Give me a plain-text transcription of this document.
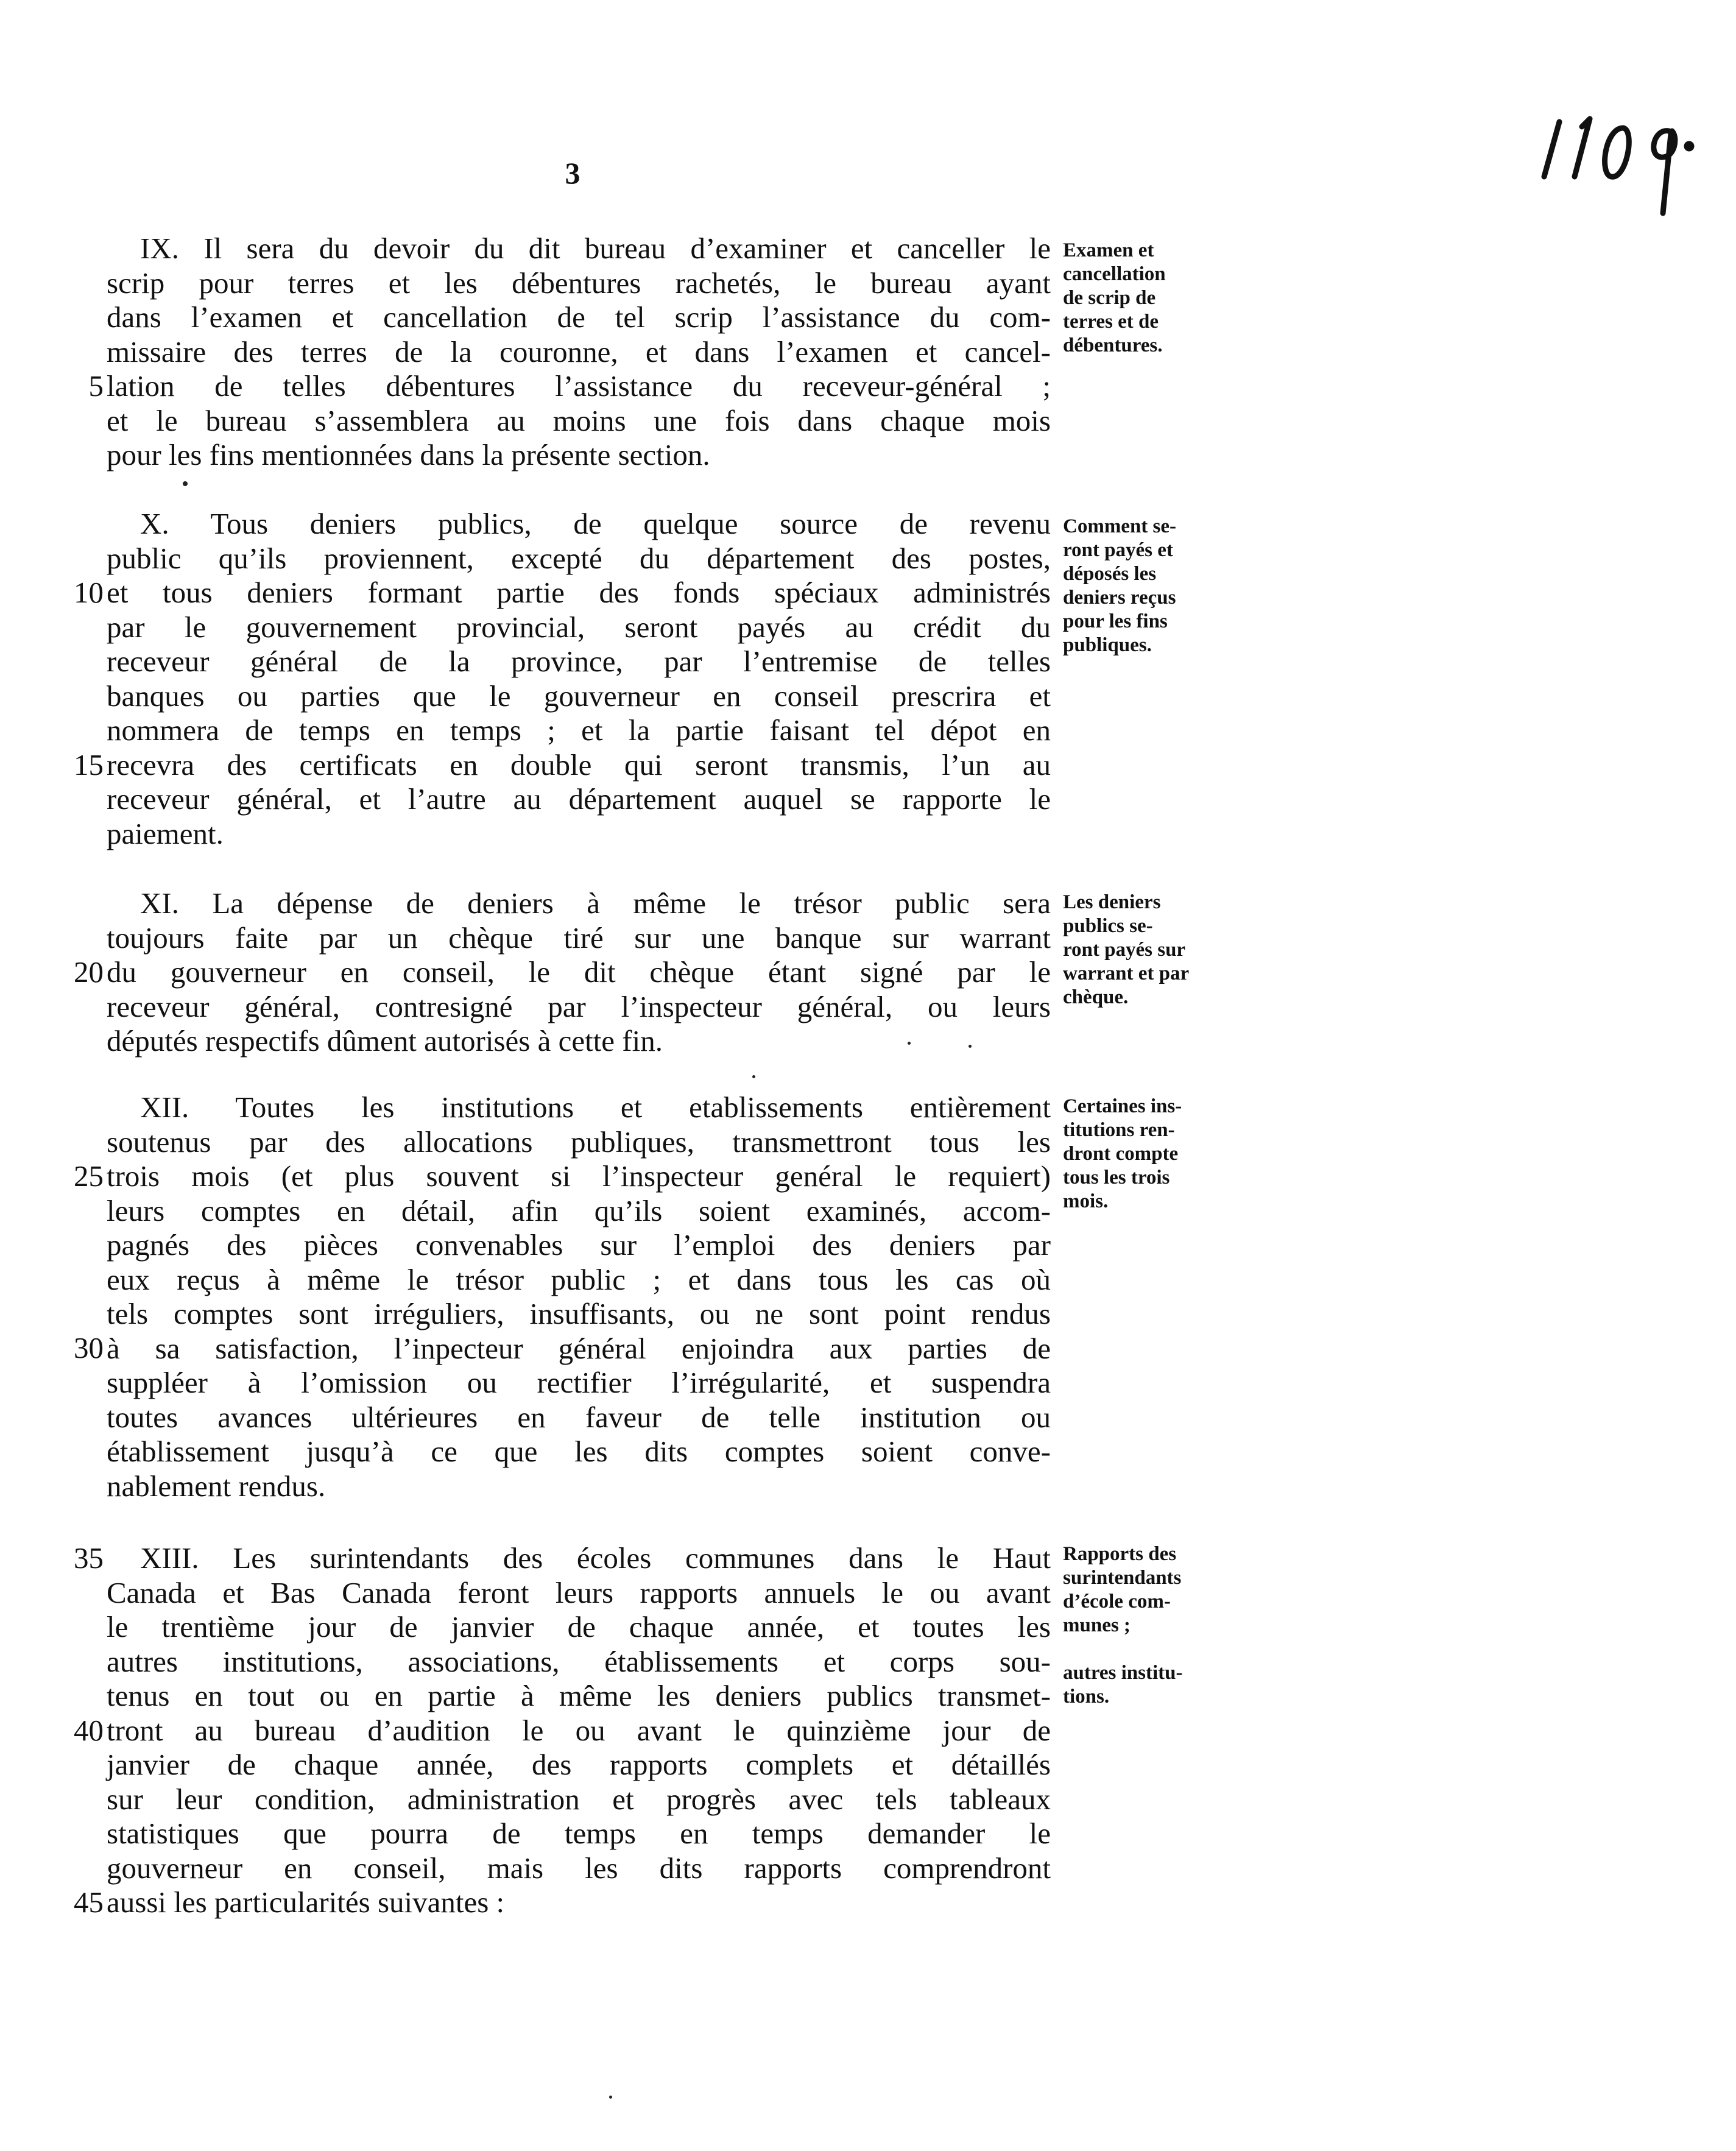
3
IX. Il sera du devoir du dit bureau d’examiner et canceller le
scrip pour terres et les débentures rachetés, le bureau ayant
dans l’examen et cancellation de tel scrip l’assistance du com-
missaire des terres de la couronne, et dans l’examen et cancel-
lation de telles débentures l’assistance du receveur-général ;
et le bureau s’assemblera au moins une fois dans chaque mois
pour les fins mentionnées dans la présente section.
Examen et
cancellation
de scrip de
terres et de
débentures.
X. Tous deniers publics, de quelque source de revenu
public qu’ils proviennent, excepté du département des postes,
et tous deniers formant partie des fonds spéciaux administrés
par le gouvernement provincial, seront payés au crédit du
receveur général de la province, par l’entremise de telles
banques ou parties que le gouverneur en conseil prescrira et
nommera de temps en temps ; et la partie faisant tel dépot en
recevra des certificats en double qui seront transmis, l’un au
receveur général, et l’autre au département auquel se rapporte le
paiement.
Comment se-
ront payés et
déposés les
deniers reçus
pour les fins
publiques.
XI. La dépense de deniers à même le trésor public sera
toujours faite par un chèque tiré sur une banque sur warrant
du gouverneur en conseil, le dit chèque étant signé par le
receveur général, contresigné par l’inspecteur général, ou leurs
députés respectifs dûment autorisés à cette fin.
Les deniers
publics se-
ront payés sur
warrant et par
chèque.
XII. Toutes les institutions et etablissements entièrement
soutenus par des allocations publiques, transmettront tous les
trois mois (et plus souvent si l’inspecteur genéral le requiert)
leurs comptes en détail, afin qu’ils soient examinés, accom-
pagnés des pièces convenables sur l’emploi des deniers par
eux reçus à même le trésor public ; et dans tous les cas où
tels comptes sont irréguliers, insuffisants, ou ne sont point rendus
à sa satisfaction, l’inpecteur général enjoindra aux parties de
suppléer à l’omission ou rectifier l’irrégularité, et suspendra
toutes avances ultérieures en faveur de telle institution ou
établissement jusqu’à ce que les dits comptes soient conve-
nablement rendus.
Certaines ins-
titutions ren-
dront compte
tous les trois
mois.
XIII. Les surintendants des écoles communes dans le Haut
Canada et Bas Canada feront leurs rapports annuels le ou avant
le trentième jour de janvier de chaque année, et toutes les
autres institutions, associations, établissements et corps sou-
tenus en tout ou en partie à même les deniers publics transmet-
tront au bureau d’audition le ou avant le quinzième jour de
janvier de chaque année, des rapports complets et détaillés
sur leur condition, administration et progrès avec tels tableaux
statistiques que pourra de temps en temps demander le
gouverneur en conseil, mais les dits rapports comprendront
aussi les particularités suivantes :
Rapports des
surintendants
d’école com-
munes ;
autres institu-
tions.
5
10
15
20
25
30
35
40
45
